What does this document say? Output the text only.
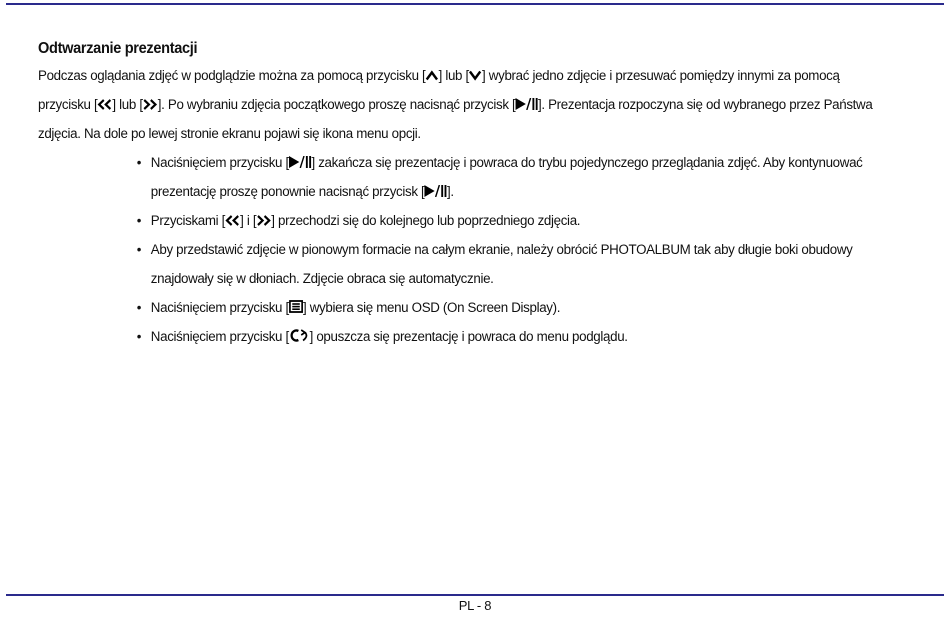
Odtwarzanie prezentacji

Podczas oglądania zdjęć w podglądzie można za pomocą przycisku [ ] lub [ ] wybrać jedno zdjęcie i przesuwać pomiędzy innymi za pomocą przycisku [ ] lub [ ]. Po wybraniu zdjęcia początkowego proszę nacisnąć przycisk [ ]. Prezentacja rozpoczyna się od wybranego przez Państwa zdjęcia. Na dole po lewej stronie ekranu pojawi się ikona menu opcji.

• Naciśnięciem przycisku [ ] zakańcza się prezentację i powraca do trybu pojedynczego przeglądania zdjęć. Aby kontynuować prezentację proszę ponownie nacisnąć przycisk [ ].
• Przyciskami [ ] i [ ] przechodzi się do kolejnego lub poprzedniego zdjęcia.
• Aby przedstawić zdjęcie w pionowym formacie na całym ekranie, należy obrócić PHOTOALBUM tak aby długie boki obudowy znajdowały się w dłoniach. Zdjęcie obraca się automatycznie.
• Naciśnięciem przycisku [ ] wybiera się menu OSD (On Screen Display).
• Naciśnięciem przycisku [ ] opuszcza się prezentację i powraca do menu podglądu.
PL - 8
